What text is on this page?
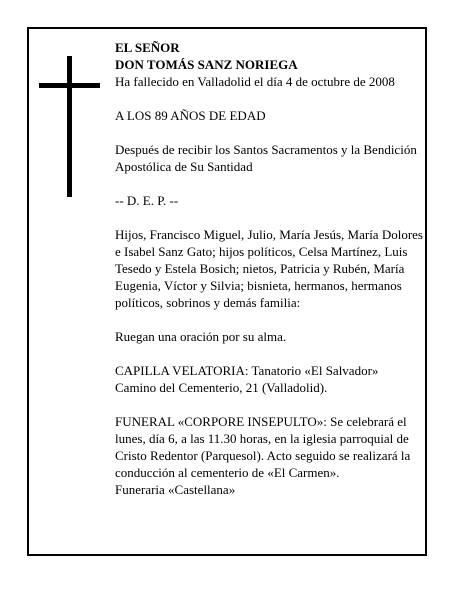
EL SEÑOR

DON TOMÁS SANZ NORIEGA

Ha fallecido en Valladolid el día 4 de octubre de 2008

A LOS 89 AÑOS DE EDAD

Después de recibir los Santos Sacramentos y la Bendición Apostólica de Su Santidad

-- D. E. P. --

Hijos, Francisco Miguel, Julio, María Jesús, María Dolores e Isabel Sanz Gato; hijos políticos, Celsa Martínez, Luis Tesedo y Estela Bosich; nietos, Patricia y Rubén, María Eugenia, Víctor y Silvia; bisnieta, hermanos, hermanos políticos, sobrinos y demás familia:

Ruegan una oración por su alma.

CAPILLA VELATORIA: Tanatorio «El Salvador»

Camino del Cementerio, 21 (Valladolid).

FUNERAL «CORPORE INSEPULTO»: Se celebrará el lunes, día 6, a las 11.30 horas, en la iglesia parroquial de Cristo Redentor (Parquesol). Acto seguido se realizará la conducción al cementerio de «El Carmen».

Funeraria «Castellana»
